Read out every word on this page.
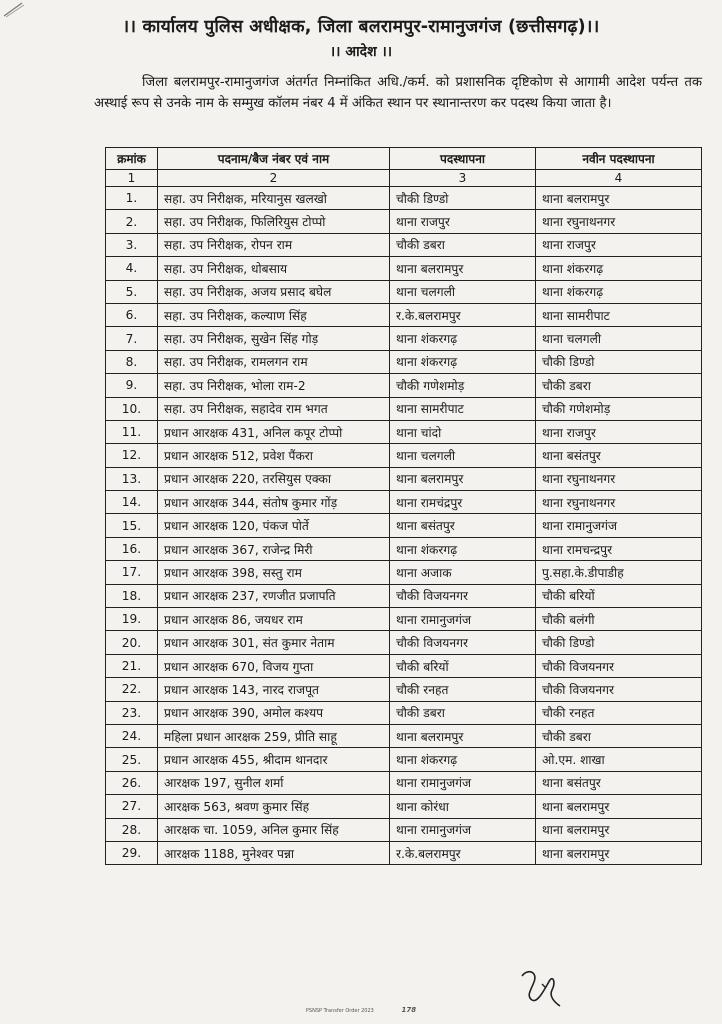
।। कार्यालय पुलिस अधीक्षक, जिला बलरामपुर-रामानुजगंज (छत्तीसगढ़)।।
।। आदेश ।।
जिला बलरामपुर-रामानुजगंज अंतर्गत निम्नांकित अधि./कर्म. को प्रशासनिक दृष्टिकोण से आगामी आदेश पर्यन्त तक अस्थाई रूप से उनके नाम के सम्मुख कॉलम नंबर 4 में अंकित स्थान पर स्थानान्तरण कर पदस्थ किया जाता है।
क्रमांक	पदनाम/बैज नंबर एवं नाम	पदस्थापना	नवीन पदस्थापना
1	2	3	4
1.	सहा. उप निरीक्षक, मरियानुस खलखो	चौकी डिण्डो	थाना बलरामपुर
2.	सहा. उप निरीक्षक, फिलिरियुस टोप्पो	थाना राजपुर	थाना रघुनाथनगर
3.	सहा. उप निरीक्षक, रोपन राम	चौकी डबरा	थाना राजपुर
4.	सहा. उप निरीक्षक, धोबसाय	थाना बलरामपुर	थाना शंकरगढ़
5.	सहा. उप निरीक्षक, अजय प्रसाद बघेल	थाना चलगली	थाना शंकरगढ़
6.	सहा. उप निरीक्षक, कल्याण सिंह	र.के.बलरामपुर	थाना सामरीपाट
7.	सहा. उप निरीक्षक, सुखेन सिंह गोड़	थाना शंकरगढ़	थाना चलगली
8.	सहा. उप निरीक्षक, रामलगन राम	थाना शंकरगढ़	चौकी डिण्डो
9.	सहा. उप निरीक्षक, भोला राम-2	चौकी गणेशमोड़	चौकी डबरा
10.	सहा. उप निरीक्षक, सहादेव राम भगत	थाना सामरीपाट	चौकी गणेशमोड़
11.	प्रधान आरक्षक 431, अनिल कपूर टोप्पो	थाना चांदो	थाना राजपुर
12.	प्रधान आरक्षक 512, प्रवेश पैंकरा	थाना चलगली	थाना बसंतपुर
13.	प्रधान आरक्षक 220, तरसियुस एक्का	थाना बलरामपुर	थाना रघुनाथनगर
14.	प्रधान आरक्षक 344, संतोष कुमार गोंड़	थाना रामचंद्रपुर	थाना रघुनाथनगर
15.	प्रधान आरक्षक 120, पंकज पोर्ते	थाना बसंतपुर	थाना रामानुजगंज
16.	प्रधान आरक्षक 367, राजेन्द्र मिरी	थाना शंकरगढ़	थाना रामचन्द्रपुर
17.	प्रधान आरक्षक 398, सस्तु राम	थाना अजाक	पु.सहा.के.डीपाडीह
18.	प्रधान आरक्षक 237, रणजीत प्रजापति	चौकी विजयनगर	चौकी बरियों
19.	प्रधान आरक्षक 86, जयधर राम	थाना रामानुजगंज	चौकी बलंगी
20.	प्रधान आरक्षक 301, संत कुमार नेताम	चौकी विजयनगर	चौकी डिण्डो
21.	प्रधान आरक्षक 670, विजय गुप्ता	चौकी बरियों	चौकी विजयनगर
22.	प्रधान आरक्षक 143, नारद राजपूत	चौकी रनहत	चौकी विजयनगर
23.	प्रधान आरक्षक 390, अमोल कश्यप	चौकी डबरा	चौकी रनहत
24.	महिला प्रधान आरक्षक 259, प्रीति साहू	थाना बलरामपुर	चौकी डबरा
25.	प्रधान आरक्षक 455, श्रीदाम थानदार	थाना शंकरगढ़	ओ.एम. शाखा
26.	आरक्षक 197, सुनील शर्मा	थाना रामानुजगंज	थाना बसंतपुर
27.	आरक्षक 563, श्रवण कुमार सिंह	थाना कोरंधा	थाना बलरामपुर
28.	आरक्षक चा. 1059, अनिल कुमार सिंह	थाना रामानुजगंज	थाना बलरामपुर
29.	आरक्षक 1188, मुनेश्वर पन्ना	र.के.बलरामपुर	थाना बलरामपुर
PSNSP Transfer Order 2023	178
